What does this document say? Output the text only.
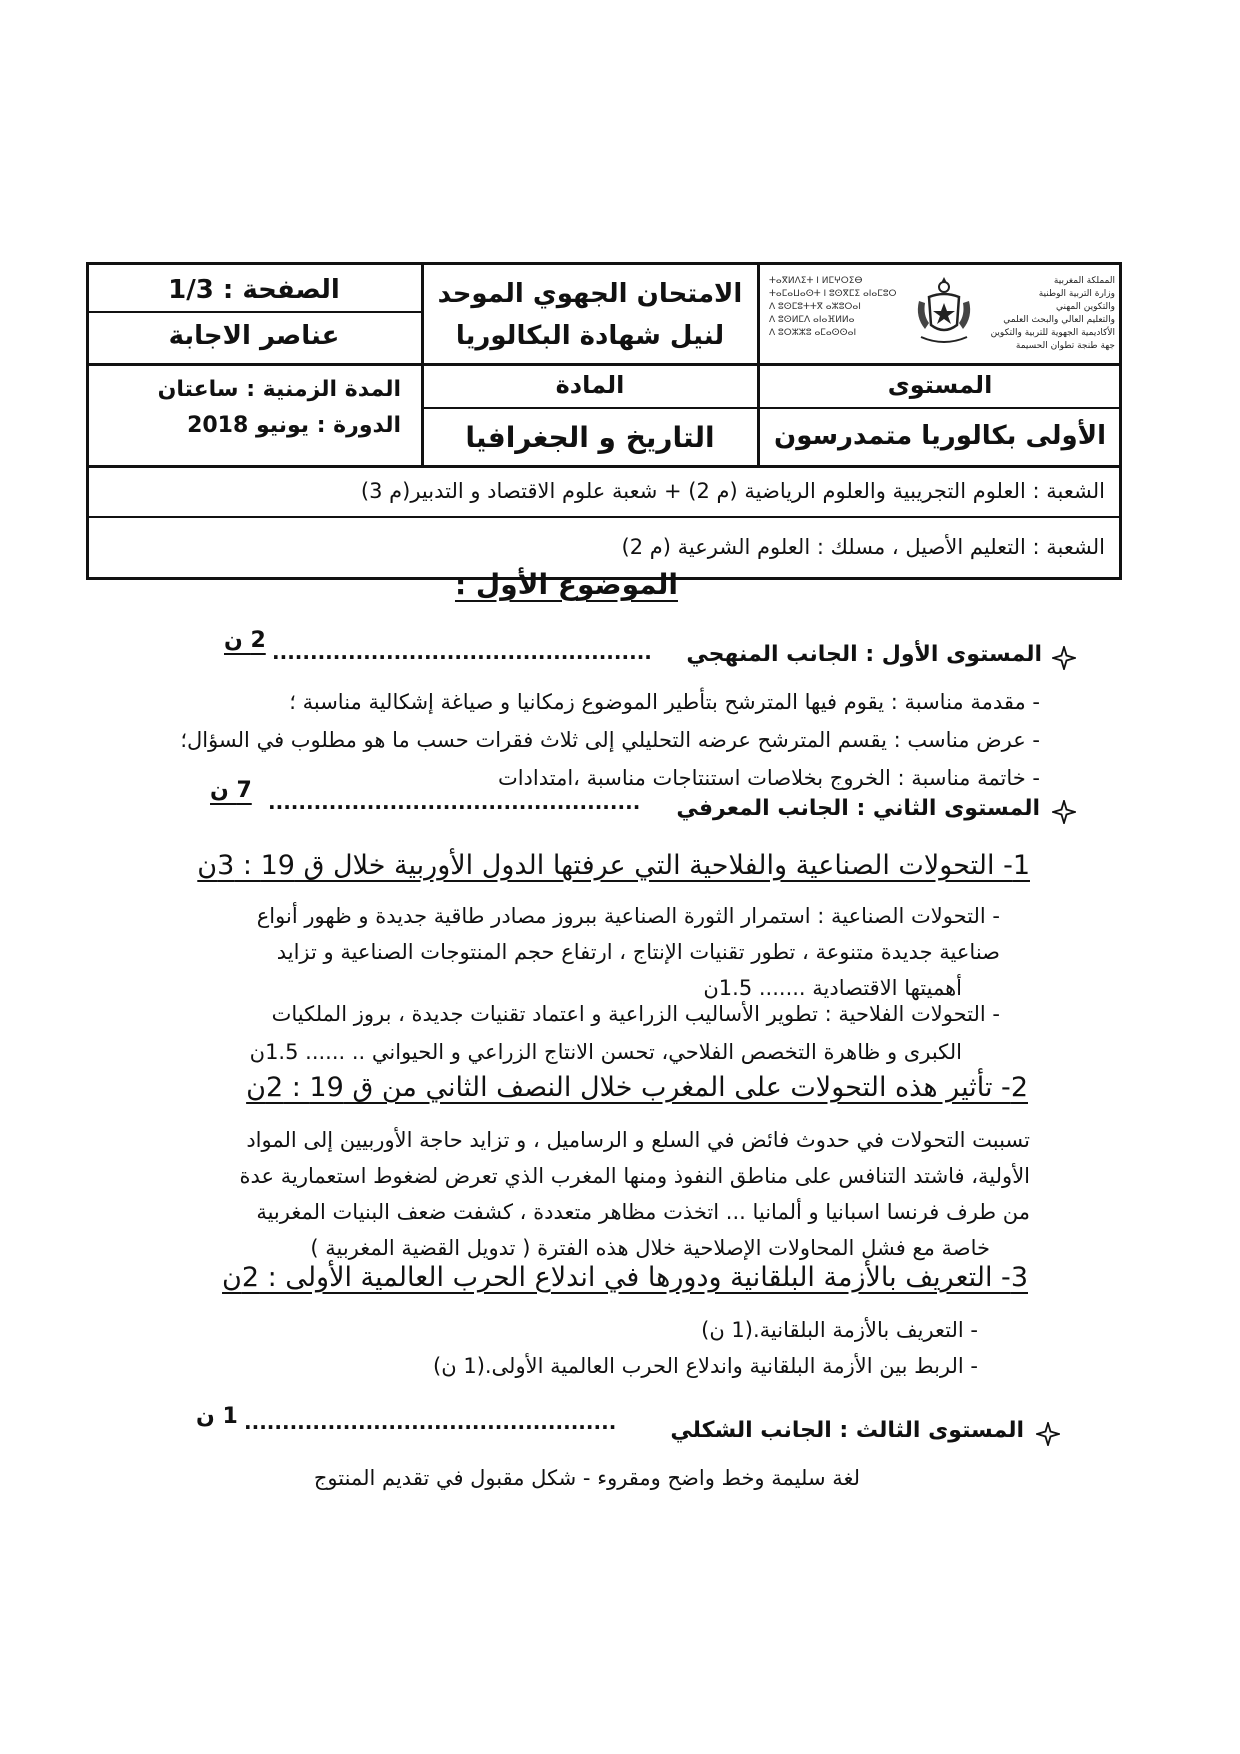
الصفحة : 1/3
عناصر الاجابة
الامتحان الجهوي الموحد
لنيل شهادة البكالوريا
ⵜⴰⴳⵍⴷⵉⵜ ⵏ ⵍⵎⵖⵔⵉⴱ
ⵜⴰⵎⴰⵡⴰⵙⵜ ⵏ ⵓⵙⴳⵎⵉ ⴰⵏⴰⵎⵓⵔ
ⴷ ⵓⵙⵎⵓⵜⵜⴳ ⴰⵣⵓⵔⴰⵏ
ⴷ ⵓⵙⵍⵎⴷ ⴰⵏⴰⴼⵍⵍⴰ
ⴷ ⵓⵔⵣⵣⵓ ⴰⵎⴰⵙⵙⴰⵏ
المملكة المغربية
وزارة التربية الوطنية
والتكوين المهني
والتعليم العالي والبحث العلمي
الأكاديمية الجهوية للتربية والتكوين
جهة طنجة تطوان الحسيمة
المدة الزمنية : ساعتان
الدورة : يونيو 2018
المادة
التاريخ و الجغرافيا
المستوى
الأولى بكالوريا متمدرسون
الشعبة : العلوم التجريبية والعلوم الرياضية (م 2) + شعبة علوم الاقتصاد و التدبير(م 3)
الشعبة : التعليم الأصيل ، مسلك : العلوم الشرعية (م 2)
الموضوع الأول :
المستوى الأول : الجانب المنهجي
..................................................
2 ن
- مقدمة مناسبة : يقوم فيها المترشح بتأطير الموضوع زمكانيا و صياغة إشكالية مناسبة ؛
- عرض مناسب : يقسم المترشح عرضه التحليلي إلى ثلاث فقرات حسب ما هو مطلوب في السؤال؛
- خاتمة مناسبة : الخروج بخلاصات استنتاجات مناسبة ،امتدادات
المستوى الثاني : الجانب المعرفي
.................................................
7 ن
1- التحولات الصناعية والفلاحية التي عرفتها الدول الأوربية خلال ق 19 : 3ن
- التحولات الصناعية : استمرار الثورة الصناعية ببروز مصادر طاقية جديدة و ظهور أنواع
صناعية جديدة متنوعة ، تطور تقنيات الإنتاج ، ارتفاع حجم المنتوجات الصناعية و تزايد
أهميتها الاقتصادية ....... 1.5ن
- التحولات الفلاحية : تطوير الأساليب الزراعية و اعتماد تقنيات جديدة ، بروز الملكيات
الكبرى و ظاهرة التخصص الفلاحي، تحسن الانتاج الزراعي و الحيواني .. ...... 1.5ن
2- تأثير هذه التحولات على المغرب خلال النصف الثاني من ق 19 : 2ن
تسببت التحولات في حدوث فائض في السلع و الرساميل ، و تزايد حاجة الأوربيين إلى المواد
الأولية، فاشتد التنافس على مناطق النفوذ ومنها المغرب الذي تعرض لضغوط استعمارية عدة
من طرف فرنسا اسبانيا و ألمانيا ... اتخذت مظاهر متعددة ، كشفت ضعف البنيات المغربية
خاصة مع فشل المحاولات الإصلاحية خلال هذه الفترة ( تدويل القضية المغربية )
3- التعريف بالأزمة البلقانية ودورها في اندلاع الحرب العالمية الأولى : 2ن
- التعريف بالأزمة البلقانية.(1 ن)
- الربط بين الأزمة البلقانية واندلاع الحرب العالمية الأولى.(1 ن)
المستوى الثالث : الجانب الشكلي
.................................................
1 ن
لغة سليمة وخط واضح ومقروء - شكل مقبول في تقديم المنتوج
